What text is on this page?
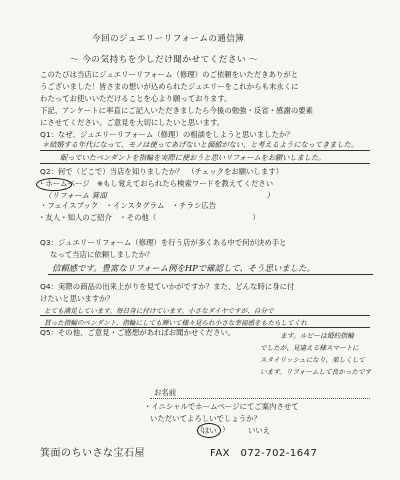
今回のジュエリーリフォームの通信簿
〜 今の気持ちを少しだけ聞かせてください 〜
このたびは当店にジュエリーリフォーム（修理）のご依頼をいただきありがと
うございました！皆さまの想いが込められたジュエリーをこれからも末永くに
わたってお使いいただけることを心より願っております。
下記、アンケートに率直にご記入いただきましたら今後の勉強・反省・感謝の要素
にさせてください。ご意見を大切にしたいと思います。
Q1：なぜ、ジュエリーリフォーム（修理）の相談をしようと思いましたか？
＊結婚する年代になって、モノは使ってあげないと価値がない、と考えるようになってきました。
眠っていたペンダントを指輪を実際に使おうと思いリフォームをお願いしました。
Q2：何で（どこで）当店を知りましたか？　（チェックをお願いします）
・ホームページ　※もし覚えておられたら検索ワードを教えてください
（リフォーム 箕面　　　　　　　　　　　　　　　　　　　　　）
・フェイスブック　・インスタグラム　・チラシ広告
・友人・知人のご紹介　・その他（　　　　　　　　　　　　　）
Q3：ジュエリーリフォーム（修理）を行う店が多くある中で何が決め手と
なって当店に依頼しましたか？
信頼感です。豊富なリフォーム例をHPで確認して、そう思いました。
Q4：実際の商品の出来上がりを見ていかがですか？また、どんな時に身に付
けたいと思いますか？
とても満足しています。毎日身に付けています。小さなダイヤですが、自分で
買った指輪のペンダント。指輪にしても輝いて様々見られ小さな幸福感をもたらしてくれ
Q5：その他、ご意見・ご感想があればお聞かせください。	ます。ルビーは婚約指輪
でしたが、見違える様スマートに
スタイリッシュになり、楽しくして
います。リフォームして良かったです
お名前
・イニシャルでホームページにてご案内させて
いただいてよろしいでしょうか？
はい	いいえ
（	）
箕面のちいさな宝石屋	FAX　072-702-1647
